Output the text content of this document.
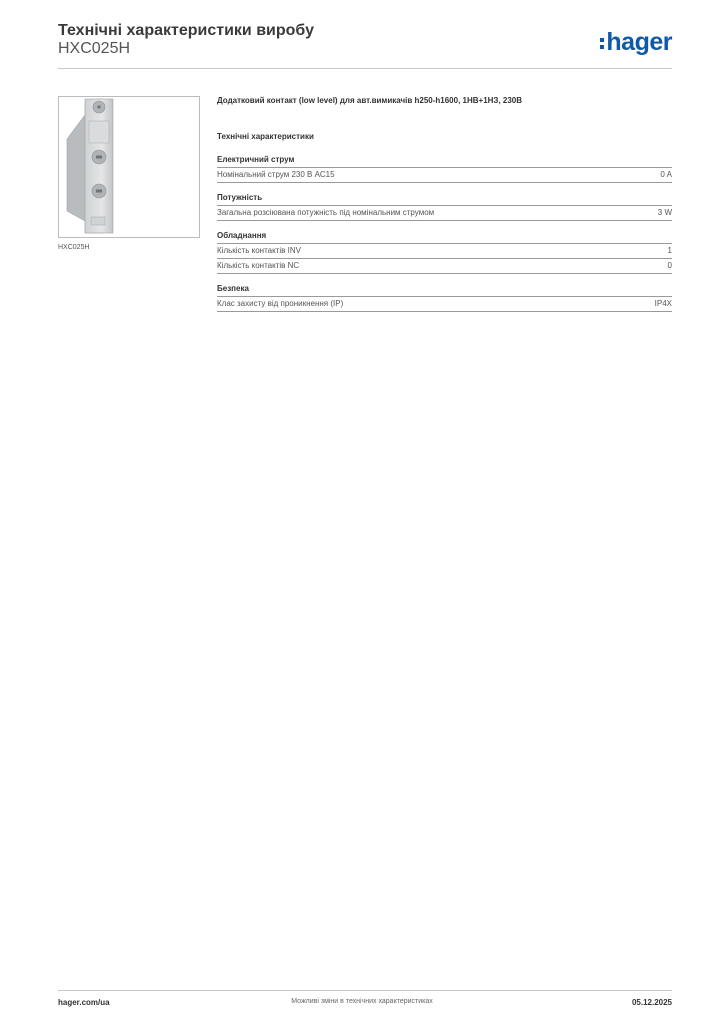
Технічні характеристики виробу
HXC025H	hager
HXC025H

Додатковий контакт (low level) для авт.вимикачів h250-h1600, 1НВ+1НЗ, 230В

Технічні характеристики
Електричний струм
Номінальний струм 230 В AC15	0 A
Потужність
Загальна розсіювана потужність під номінальним струмом	3 W
Обладнання
Кількість контактів INV	1
Кількість контактів NC	0
Безпека
Клас захисту від проникнення (IP)	IP4X
hager.com/ua	Можливі зміни в технічних характеристиках	05.12.2025
